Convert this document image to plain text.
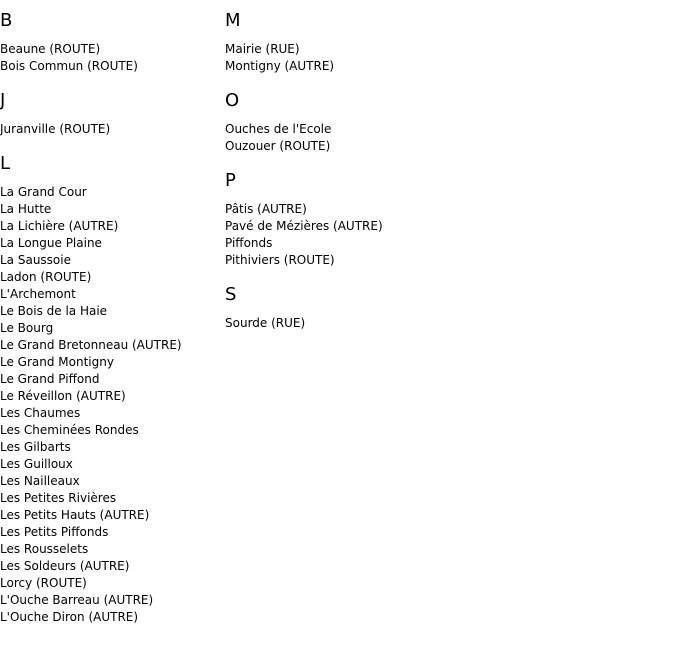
B
Beaune (ROUTE)
Bois Commun (ROUTE)
J
Juranville (ROUTE)
L
La Grand Cour
La Hutte
La Lichière (AUTRE)
La Longue Plaine
La Saussoie
Ladon (ROUTE)
L'Archemont
Le Bois de la Haie
Le Bourg
Le Grand Bretonneau (AUTRE)
Le Grand Montigny
Le Grand Piffond
Le Réveillon (AUTRE)
Les Chaumes
Les Cheminées Rondes
Les Gilbarts
Les Guilloux
Les Nailleaux
Les Petites Rivières
Les Petits Hauts (AUTRE)
Les Petits Piffonds
Les Rousselets
Les Soldeurs (AUTRE)
Lorcy (ROUTE)
L'Ouche Barreau (AUTRE)
L'Ouche Diron (AUTRE)
M
Mairie (RUE)
Montigny (AUTRE)
O
Ouches de l'Ecole
Ouzouer (ROUTE)
P
Pâtis (AUTRE)
Pavé de Mézières (AUTRE)
Piffonds
Pithiviers (ROUTE)
S
Sourde (RUE)
